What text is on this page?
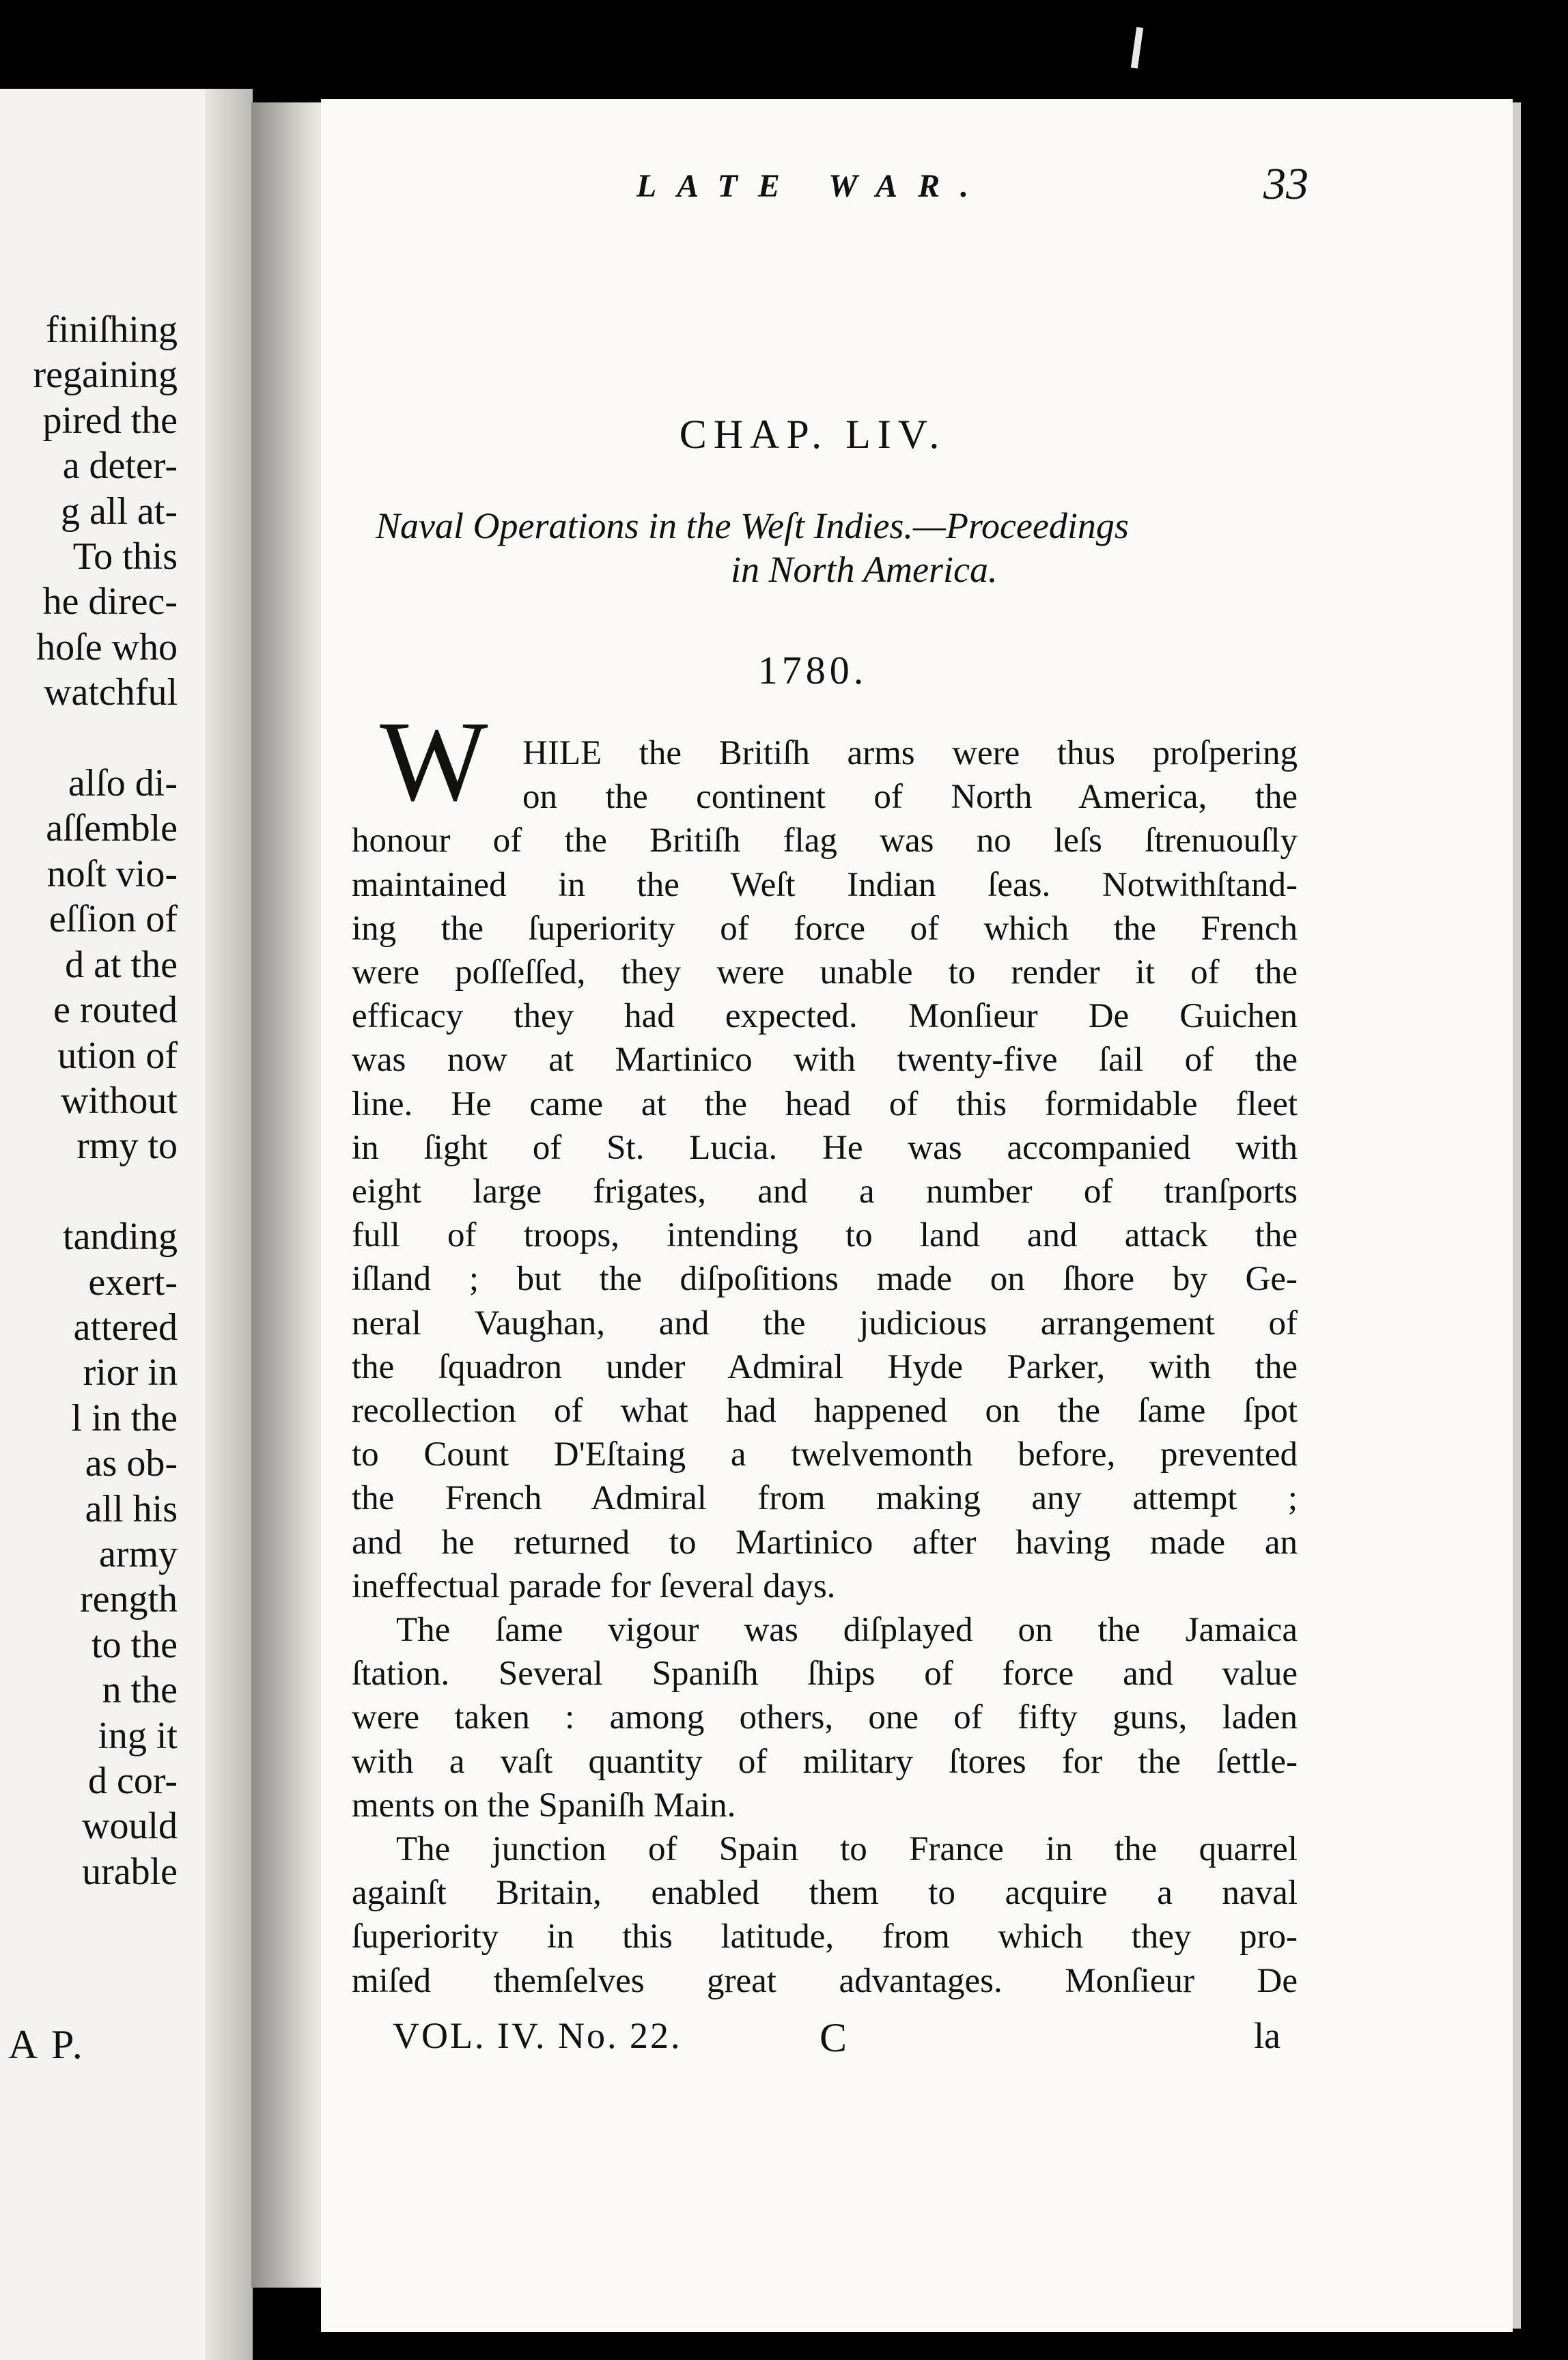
finiſhing
regaining
pired the
a deter-
g all at-
To this
he direc-
hoſe who
watchful

alſo di-
aſſemble
noſt vio-
eſſion of
d at the
e routed
ution of
without
rmy to

tanding
exert-
attered
rior in
l in the
as ob-
all his
army
rength
to the
n the
ing it
d cor-
would
urable
A P.
LATE WAR.	33
CHAP. LIV.
Naval Operations in the Weſt Indies.—Proceedings
in North America.
1780.
W HILE the Britiſh arms were thus proſpering
on the continent of North America, the
honour of the Britiſh flag was no leſs ſtrenuouſly
maintained in the Weſt Indian ſeas. Notwithſtand-
ing the ſuperiority of force of which the French
were poſſeſſed, they were unable to render it of the
efficacy they had expected. Monſieur De Guichen
was now at Martinico with twenty-five ſail of the
line. He came at the head of this formidable fleet
in ſight of St. Lucia. He was accompanied with
eight large frigates, and a number of tranſports
full of troops, intending to land and attack the
iſland ; but the diſpoſitions made on ſhore by Ge-
neral Vaughan, and the judicious arrangement of
the ſquadron under Admiral Hyde Parker, with the
recollection of what had happened on the ſame ſpot
to Count D'Eſtaing a twelvemonth before, prevented
the French Admiral from making any attempt ;
and he returned to Martinico after having made an
ineffectual parade for ſeveral days.
The ſame vigour was diſplayed on the Jamaica
ſtation. Several Spaniſh ſhips of force and value
were taken : among others, one of fifty guns, laden
with a vaſt quantity of military ſtores for the ſettle-
ments on the Spaniſh Main.
The junction of Spain to France in the quarrel
againſt Britain, enabled them to acquire a naval
ſuperiority in this latitude, from which they pro-
miſed themſelves great advantages. Monſieur De
VOL. IV. No. 22.	C	la
